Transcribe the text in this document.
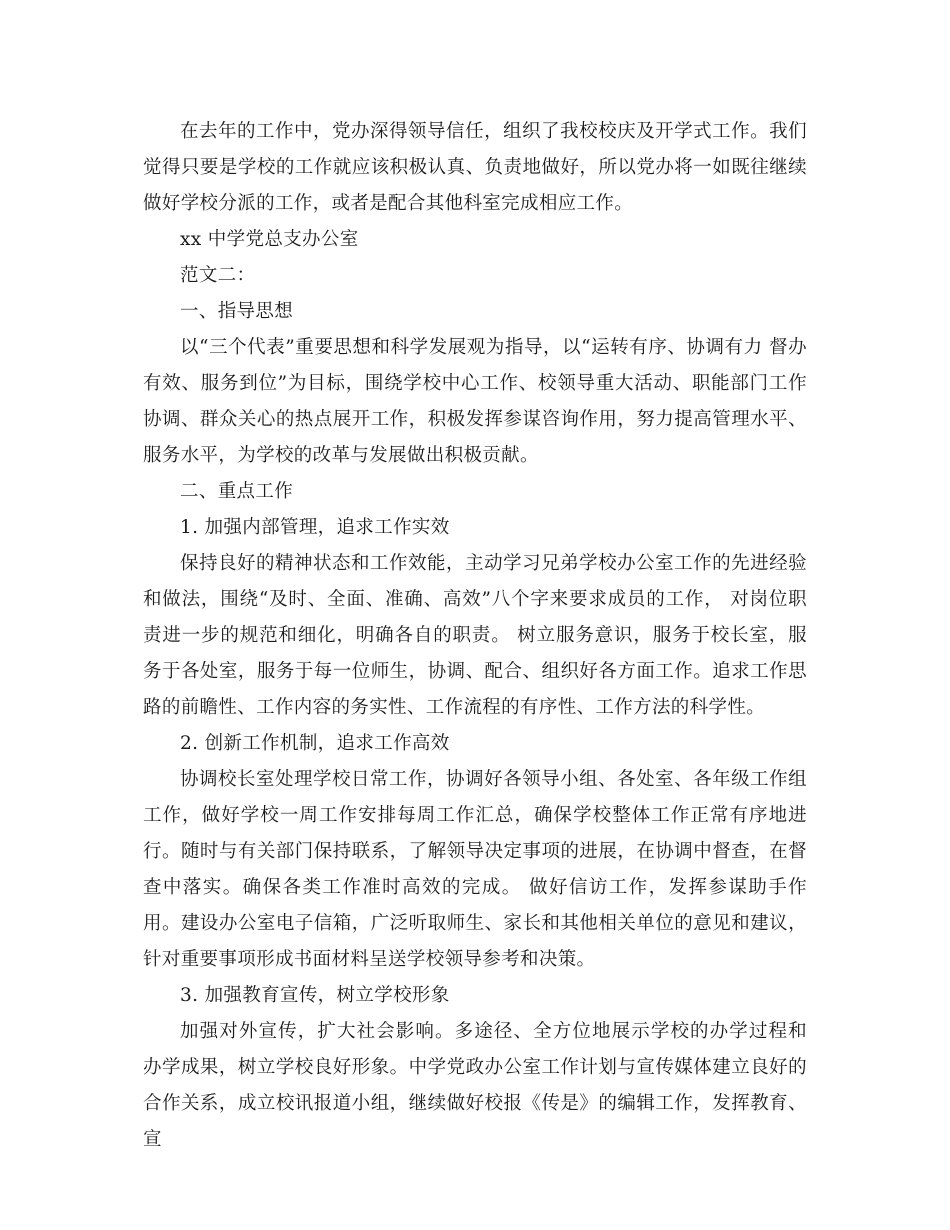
在去年的工作中，党办深得领导信任，组织了我校校庆及开学式工作。我们觉得只要是学校的工作就应该积极认真、负责地做好，所以党办将一如既往继续做好学校分派的工作，或者是配合其他科室完成相应工作。

xx 中学党总支办公室

范文二：

一、指导思想

以“三个代表”重要思想和科学发展观为指导，以“运转有序、协调有力 督办有效、服务到位”为目标，围绕学校中心工作、校领导重大活动、职能部门工作协调、群众关心的热点展开工作，积极发挥参谋咨询作用，努力提高管理水平、服务水平，为学校的改革与发展做出积极贡献。

二、重点工作

1. 加强内部管理，追求工作实效

保持良好的精神状态和工作效能，主动学习兄弟学校办公室工作的先进经验和做法，围绕“及时、全面、准确、高效”八个字来要求成员的工作， 对岗位职责进一步的规范和细化，明确各自的职责。 树立服务意识，服务于校长室，服务于各处室，服务于每一位师生，协调、配合、组织好各方面工作。追求工作思路的前瞻性、工作内容的务实性、工作流程的有序性、工作方法的科学性。

2. 创新工作机制，追求工作高效

协调校长室处理学校日常工作，协调好各领导小组、各处室、各年级工作组工作，做好学校一周工作安排每周工作汇总，确保学校整体工作正常有序地进行。随时与有关部门保持联系，了解领导决定事项的进展，在协调中督查，在督查中落实。确保各类工作准时高效的完成。 做好信访工作，发挥参谋助手作用。建设办公室电子信箱，广泛听取师生、家长和其他相关单位的意见和建议，针对重要事项形成书面材料呈送学校领导参考和决策。

3. 加强教育宣传，树立学校形象

加强对外宣传，扩大社会影响。多途径、全方位地展示学校的办学过程和 办学成果，树立学校良好形象。中学党政办公室工作计划与宣传媒体建立良好的合作关系，成立校讯报道小组，继续做好校报《传是》的编辑工作，发挥教育、宣
